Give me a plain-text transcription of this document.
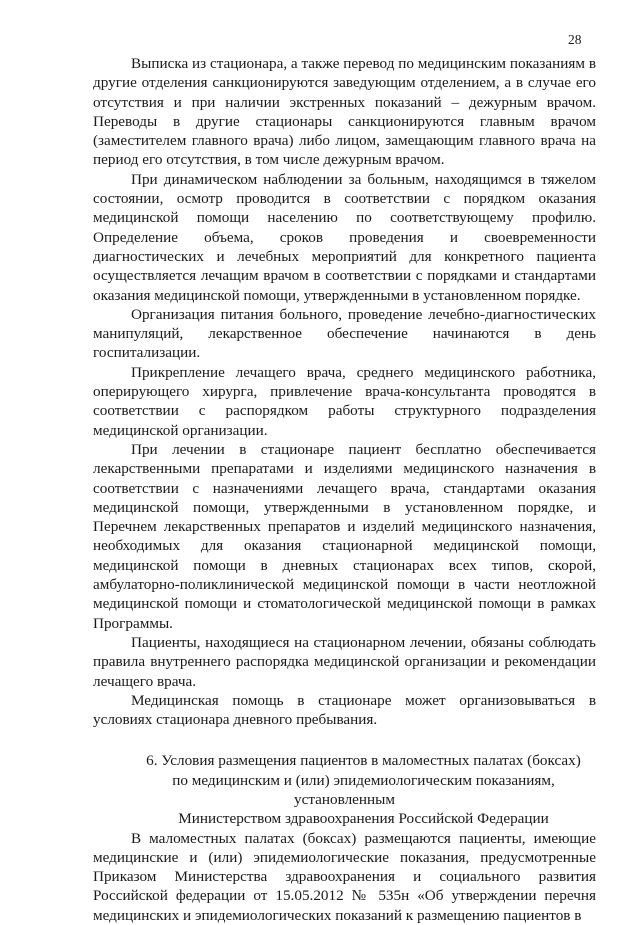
28

Выписка из стационара, а также перевод по медицинским показаниям в другие отделения санкционируются заведующим отделением, а в случае его отсутствия и при наличии экстренных показаний – дежурным врачом. Переводы в другие стационары санкционируются главным врачом (заместителем главного врача) либо лицом, замещающим главного врача на период его отсутствия, в том числе дежурным врачом.

При динамическом наблюдении за больным, находящимся в тяжелом состоянии, осмотр проводится в соответствии с порядком оказания медицинской помощи населению по соответствующему профилю. Определение объема, сроков проведения и своевременности диагностических и лечебных мероприятий для конкретного пациента осуществляется лечащим врачом в соответствии с порядками и стандартами оказания медицинской помощи, утвержденными в установленном порядке.

Организация питания больного, проведение лечебно-диагностических манипуляций, лекарственное обеспечение начинаются в день госпитализации.

Прикрепление лечащего врача, среднего медицинского работника, оперирующего хирурга, привлечение врача-консультанта проводятся в соответствии с распорядком работы структурного подразделения медицинской организации.

При лечении в стационаре пациент бесплатно обеспечивается лекарственными препаратами и изделиями медицинского назначения в соответствии с назначениями лечащего врача, стандартами оказания медицинской помощи, утвержденными в установленном порядке, и Перечнем лекарственных препаратов и изделий медицинского назначения, необходимых для оказания стационарной медицинской помощи, медицинской помощи в дневных стационарах всех типов, скорой, амбулаторно-поликлинической медицинской помощи в части неотложной медицинской помощи и стоматологической медицинской помощи в рамках Программы.

Пациенты, находящиеся на стационарном лечении, обязаны соблюдать правила внутреннего распорядка медицинской организации и рекомендации лечащего врача.

Медицинская помощь в стационаре может организовываться в условиях стационара дневного пребывания.

6. Условия размещения пациентов в маломестных палатах (боксах)
по медицинским и (или) эпидемиологическим показаниям, установленным
Министерством здравоохранения Российской Федерации

В маломестных палатах (боксах) размещаются пациенты, имеющие медицинские и (или) эпидемиологические показания, предусмотренные Приказом Министерства здравоохранения и социального развития Российской федерации от 15.05.2012 № 535н «Об утверждении перечня медицинских и эпидемиологических показаний к размещению пациентов в
